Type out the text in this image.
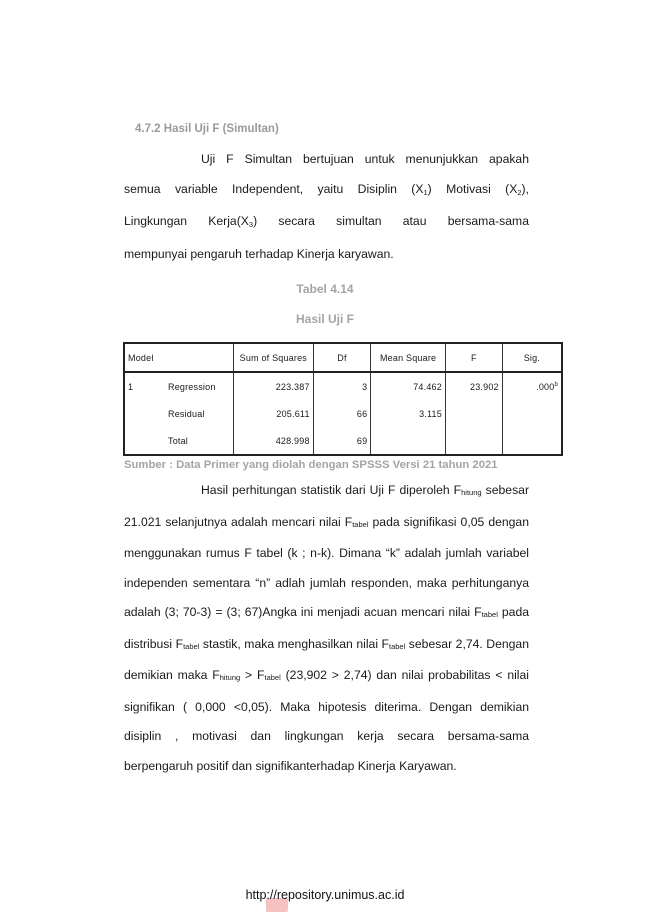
4.7.2 Hasil Uji F (Simultan)
Uji F Simultan bertujuan untuk menunjukkan apakah
semua variable Independent, yaitu Disiplin $(X_1)$ Motivasi $(X_2)$,
Lingkungan $Kerja(X_3)$ secara simultan atau bersama-sama
mempunyai pengaruh terhadap Kinerja karyawan.
Tabel 4.14
Hasil Uji F
Model	Sum of Squares	Df	Mean Square	F	Sig.
1 Regression	223.387	3	74.462	23.902	.000$^b$
Residual	205.611	66	3.115		
Total	428.998	69			
Sumber : Data Primer yang diolah dengan SPSSS Versi 21 tahun 2021
Hasil perhitungan statistik dari Uji F diperoleh Fhitung sebesar
21.021 selanjutnya adalah mencari nilai Ftabel pada signifikasi 0,05 dengan
menggunakan rumus F tabel (k ; n-k). Dimana “k” adalah jumlah variabel
independen sementara “n” adlah jumlah responden, maka perhitunganya
adalah (3; 70-3) = (3; 67)Angka ini menjadi acuan mencari nilai Ftabel pada
distribusi Ftabel stastik, maka menghasilkan nilai Ftabel sebesar 2,74. Dengan
demikian maka Fhitung > Ftabel (23,902 > 2,74) dan nilai probabilitas < nilai
signifikan ( 0,000 <0,05). Maka hipotesis diterima. Dengan demikian
disiplin , motivasi dan lingkungan kerja secara bersama-sama
berpengaruh positif dan signifikanterhadap Kinerja Karyawan.
http://repository.unimus.ac.id
